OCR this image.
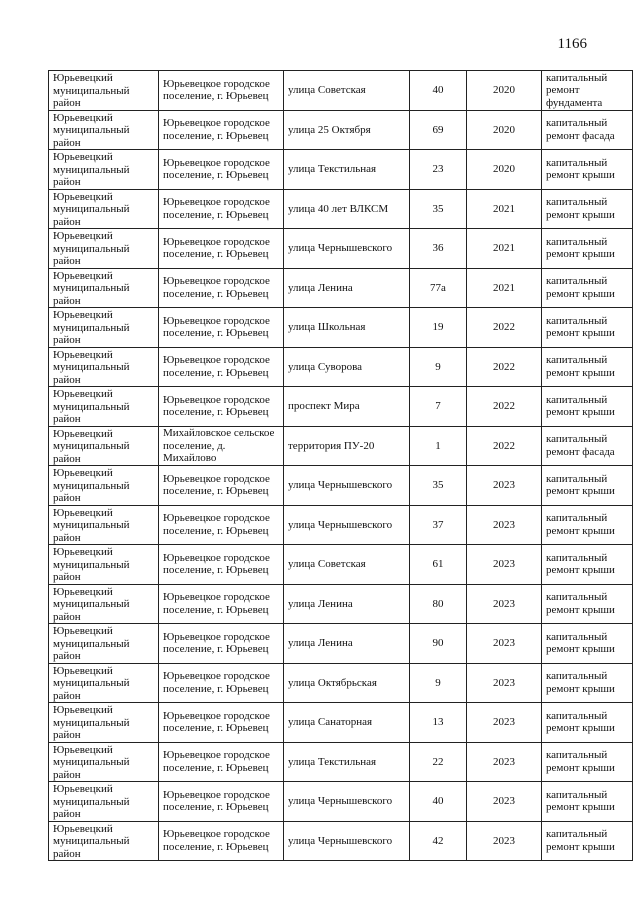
1166
Юрьевецкий муниципальный район	Юрьевецкое городское поселение, г. Юрьевец	улица Советская	40	2020	капитальный ремонт фундамента
Юрьевецкий муниципальный район	Юрьевецкое городское поселение, г. Юрьевец	улица 25 Октября	69	2020	капитальный ремонт фасада
Юрьевецкий муниципальный район	Юрьевецкое городское поселение, г. Юрьевец	улица Текстильная	23	2020	капитальный ремонт крыши
Юрьевецкий муниципальный район	Юрьевецкое городское поселение, г. Юрьевец	улица 40 лет ВЛКСМ	35	2021	капитальный ремонт крыши
Юрьевецкий муниципальный район	Юрьевецкое городское поселение, г. Юрьевец	улица Чернышевского	36	2021	капитальный ремонт крыши
Юрьевецкий муниципальный район	Юрьевецкое городское поселение, г. Юрьевец	улица Ленина	77а	2021	капитальный ремонт крыши
Юрьевецкий муниципальный район	Юрьевецкое городское поселение, г. Юрьевец	улица Школьная	19	2022	капитальный ремонт крыши
Юрьевецкий муниципальный район	Юрьевецкое городское поселение, г. Юрьевец	улица Суворова	9	2022	капитальный ремонт крыши
Юрьевецкий муниципальный район	Юрьевецкое городское поселение, г. Юрьевец	проспект Мира	7	2022	капитальный ремонт крыши
Юрьевецкий муниципальный район	Михайловское сельское поселение, д. Михайлово	территория ПУ-20	1	2022	капитальный ремонт фасада
Юрьевецкий муниципальный район	Юрьевецкое городское поселение, г. Юрьевец	улица Чернышевского	35	2023	капитальный ремонт крыши
Юрьевецкий муниципальный район	Юрьевецкое городское поселение, г. Юрьевец	улица Чернышевского	37	2023	капитальный ремонт крыши
Юрьевецкий муниципальный район	Юрьевецкое городское поселение, г. Юрьевец	улица Советская	61	2023	капитальный ремонт крыши
Юрьевецкий муниципальный район	Юрьевецкое городское поселение, г. Юрьевец	улица Ленина	80	2023	капитальный ремонт крыши
Юрьевецкий муниципальный район	Юрьевецкое городское поселение, г. Юрьевец	улица Ленина	90	2023	капитальный ремонт крыши
Юрьевецкий муниципальный район	Юрьевецкое городское поселение, г. Юрьевец	улица Октябрьская	9	2023	капитальный ремонт крыши
Юрьевецкий муниципальный район	Юрьевецкое городское поселение, г. Юрьевец	улица Санаторная	13	2023	капитальный ремонт крыши
Юрьевецкий муниципальный район	Юрьевецкое городское поселение, г. Юрьевец	улица Текстильная	22	2023	капитальный ремонт крыши
Юрьевецкий муниципальный район	Юрьевецкое городское поселение, г. Юрьевец	улица Чернышевского	40	2023	капитальный ремонт крыши
Юрьевецкий муниципальный район	Юрьевецкое городское поселение, г. Юрьевец	улица Чернышевского	42	2023	капитальный ремонт крыши
